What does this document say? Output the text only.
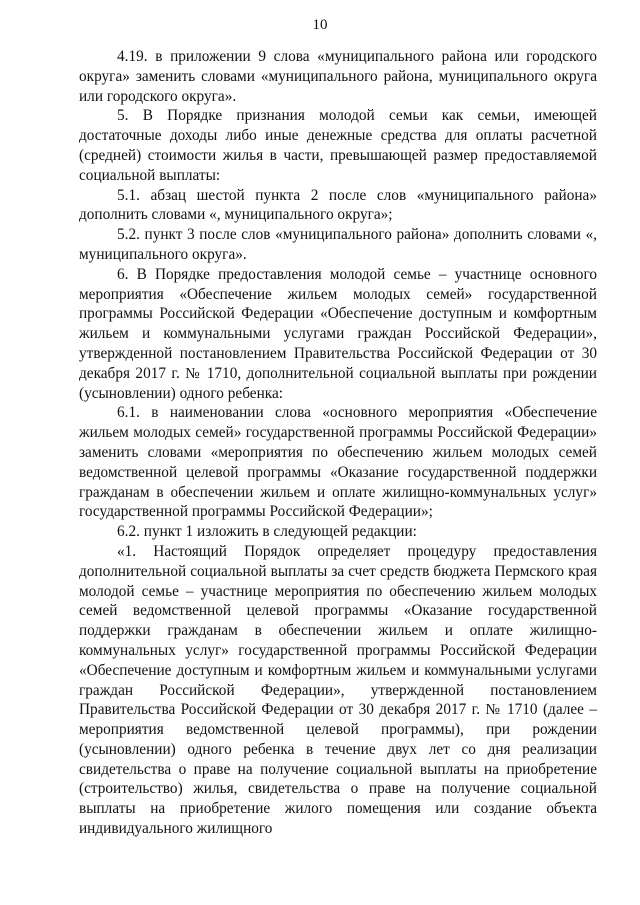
10

4.19. в приложении 9 слова «муниципального района или городского округа» заменить словами «муниципального района, муниципального округа или городского округа».

5. В Порядке признания молодой семьи как семьи, имеющей достаточные доходы либо иные денежные средства для оплаты расчетной (средней) стоимости жилья в части, превышающей размер предоставляемой социальной выплаты:

5.1. абзац шестой пункта 2 после слов «муниципального района» дополнить словами «, муниципального округа»;

5.2. пункт 3 после слов «муниципального района» дополнить словами «, муниципального округа».

6. В Порядке предоставления молодой семье – участнице основного мероприятия «Обеспечение жильем молодых семей» государственной программы Российской Федерации «Обеспечение доступным и комфортным жильем и коммунальными услугами граждан Российской Федерации», утвержденной постановлением Правительства Российской Федерации от 30 декабря 2017 г. № 1710, дополнительной социальной выплаты при рождении (усыновлении) одного ребенка:

6.1. в наименовании слова «основного мероприятия «Обеспечение жильем молодых семей» государственной программы Российской Федерации» заменить словами «мероприятия по обеспечению жильем молодых семей ведомственной целевой программы «Оказание государственной поддержки гражданам в обеспечении жильем и оплате жилищно-коммунальных услуг» государственной программы Российской Федерации»;

6.2. пункт 1 изложить в следующей редакции:

«1. Настоящий Порядок определяет процедуру предоставления дополнительной социальной выплаты за счет средств бюджета Пермского края молодой семье – участнице мероприятия по обеспечению жильем молодых семей ведомственной целевой программы «Оказание государственной поддержки гражданам в обеспечении жильем и оплате жилищно-коммунальных услуг» государственной программы Российской Федерации «Обеспечение доступным и комфортным жильем и коммунальными услугами граждан Российской Федерации», утвержденной постановлением Правительства Российской Федерации от 30 декабря 2017 г. № 1710 (далее – мероприятия ведомственной целевой программы), при рождении (усыновлении) одного ребенка в течение двух лет со дня реализации свидетельства о праве на получение социальной выплаты на приобретение (строительство) жилья, свидетельства о праве на получение социальной выплаты на приобретение жилого помещения или создание объекта индивидуального жилищного
